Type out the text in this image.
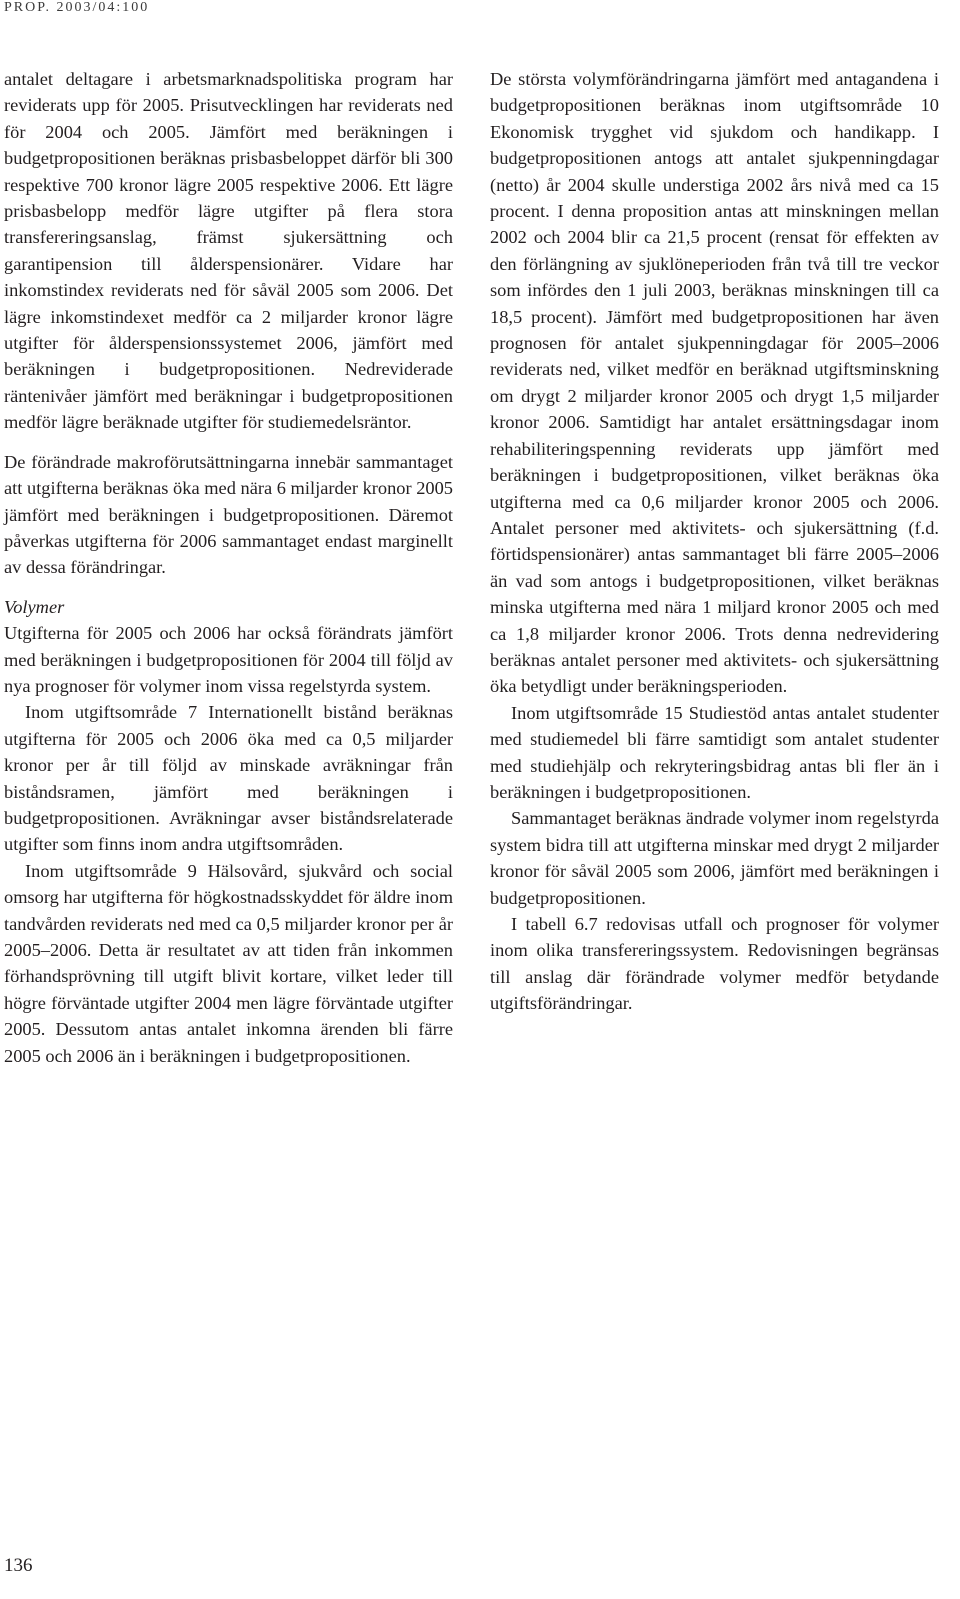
PROP. 2003/04:100

antalet deltagare i arbetsmarknadspolitiska program har reviderats upp för 2005. Prisutvecklingen har reviderats ned för 2004 och 2005. Jämfört med beräkningen i budgetpropositionen beräknas prisbasbeloppet därför bli 300 respektive 700 kronor lägre 2005 respektive 2006. Ett lägre prisbasbelopp medför lägre utgifter på flera stora transfereringsanslag, främst sjukersättning och garantipension till ålderspensionärer. Vidare har inkomstindex reviderats ned för såväl 2005 som 2006. Det lägre inkomstindexet medför ca 2 miljarder kronor lägre utgifter för ålderspensionssystemet 2006, jämfört med beräkningen i budgetpropositionen. Nedreviderade räntenivåer jämfört med beräkningar i budgetpropositionen medför lägre beräknade utgifter för studiemedelsräntor.

De förändrade makroförutsättningarna innebär sammantaget att utgifterna beräknas öka med nära 6 miljarder kronor 2005 jämfört med beräkningen i budgetpropositionen. Däremot påverkas utgifterna för 2006 sammantaget endast marginellt av dessa förändringar.

Volymer

Utgifterna för 2005 och 2006 har också förändrats jämfört med beräkningen i budgetpropositionen för 2004 till följd av nya prognoser för volymer inom vissa regelstyrda system.

Inom utgiftsområde 7 Internationellt bistånd beräknas utgifterna för 2005 och 2006 öka med ca 0,5 miljarder kronor per år till följd av minskade avräkningar från biståndsramen, jämfört med beräkningen i budgetpropositionen. Avräkningar avser biståndsrelaterade utgifter som finns inom andra utgiftsområden.

Inom utgiftsområde 9 Hälsovård, sjukvård och social omsorg har utgifterna för högkostnadsskyddet för äldre inom tandvården reviderats ned med ca 0,5 miljarder kronor per år 2005–2006. Detta är resultatet av att tiden från inkommen förhandsprövning till utgift blivit kortare, vilket leder till högre förväntade utgifter 2004 men lägre förväntade utgifter 2005. Dessutom antas antalet inkomna ärenden bli färre 2005 och 2006 än i beräkningen i budgetpropositionen.

De största volymförändringarna jämfört med antagandena i budgetpropositionen beräknas inom utgiftsområde 10 Ekonomisk trygghet vid sjukdom och handikapp. I budgetpropositionen antogs att antalet sjukpenningdagar (netto) år 2004 skulle understiga 2002 års nivå med ca 15 procent. I denna proposition antas att minskningen mellan 2002 och 2004 blir ca 21,5 procent (rensat för effekten av den förlängning av sjuklöneperioden från två till tre veckor som infördes den 1 juli 2003, beräknas minskningen till ca 18,5 procent). Jämfört med budgetpropositionen har även prognosen för antalet sjukpenningdagar för 2005–2006 reviderats ned, vilket medför en beräknad utgiftsminskning om drygt 2 miljarder kronor 2005 och drygt 1,5 miljarder kronor 2006. Samtidigt har antalet ersättningsdagar inom rehabiliteringspenning reviderats upp jämfört med beräkningen i budgetpropositionen, vilket beräknas öka utgifterna med ca 0,6 miljarder kronor 2005 och 2006. Antalet personer med aktivitets- och sjukersättning (f.d. förtidspensionärer) antas sammantaget bli färre 2005–2006 än vad som antogs i budgetpropositionen, vilket beräknas minska utgifterna med nära 1 miljard kronor 2005 och med ca 1,8 miljarder kronor 2006. Trots denna nedrevidering beräknas antalet personer med aktivitets- och sjukersättning öka betydligt under beräkningsperioden.

Inom utgiftsområde 15 Studiestöd antas antalet studenter med studiemedel bli färre samtidigt som antalet studenter med studiehjälp och rekryteringsbidrag antas bli fler än i beräkningen i budgetpropositionen.

Sammantaget beräknas ändrade volymer inom regelstyrda system bidra till att utgifterna minskar med drygt 2 miljarder kronor för såväl 2005 som 2006, jämfört med beräkningen i budgetpropositionen.

I tabell 6.7 redovisas utfall och prognoser för volymer inom olika transfereringssystem. Redovisningen begränsas till anslag där förändrade volymer medför betydande utgiftsförändringar.

136
